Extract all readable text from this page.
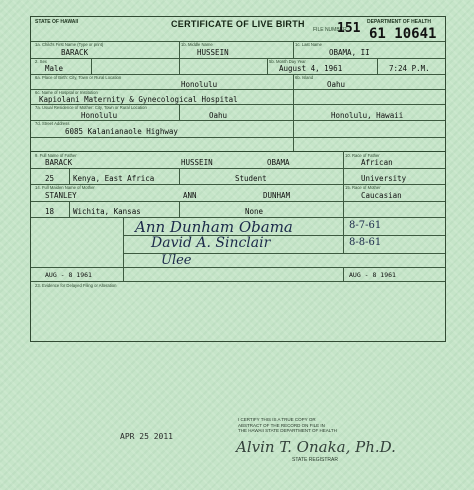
STATE OF HAWAII	CERTIFICATE OF LIVE BIRTH
FILE NUMBER
151 DEPARTMENT OF HEALTH
61 10641
1a. Child's First Name (Type or print)
BARACK
1b. Middle Name
HUSSEIN
1c. Last Name
OBAMA, II
2. Sex
Male
5b. Month Day Year
August 4, 1961	7:24 P.M.
6a. Place of Birth: City, Town or Rural Location
Honolulu
6b. Island
Oahu
6c. Name of Hospital or Institution
Kapiolani Maternity & Gynecological Hospital
7a. Usual Residence of Mother: City, Town or Rural Location
Honolulu	Oahu	Honolulu, Hawaii
7d. Street Address
6085 Kalanianaole Highway
9. Full Name of Father
BARACK	HUSSEIN	OBAMA
10. Race of Father
African
25	Kenya, East Africa	Student	University
14. Full Maiden Name of Mother
STANLEY	ANN	DUNHAM
15. Race of Mother
Caucasian
18	Wichita, Kansas	None
Ann Dunham Obama	8-7-61
David A. Sinclair	8-8-61
Ulee
AUG - 8 1961	AUG - 8 1961
23. Evidence for Delayed Filing or Alteration
APR 25 2011
I CERTIFY THIS IS A TRUE COPY OR
ABSTRACT OF THE RECORD ON FILE IN
THE HAWAII STATE DEPARTMENT OF HEALTH
Alvin T. Onaka, Ph.D.
STATE REGISTRAR
